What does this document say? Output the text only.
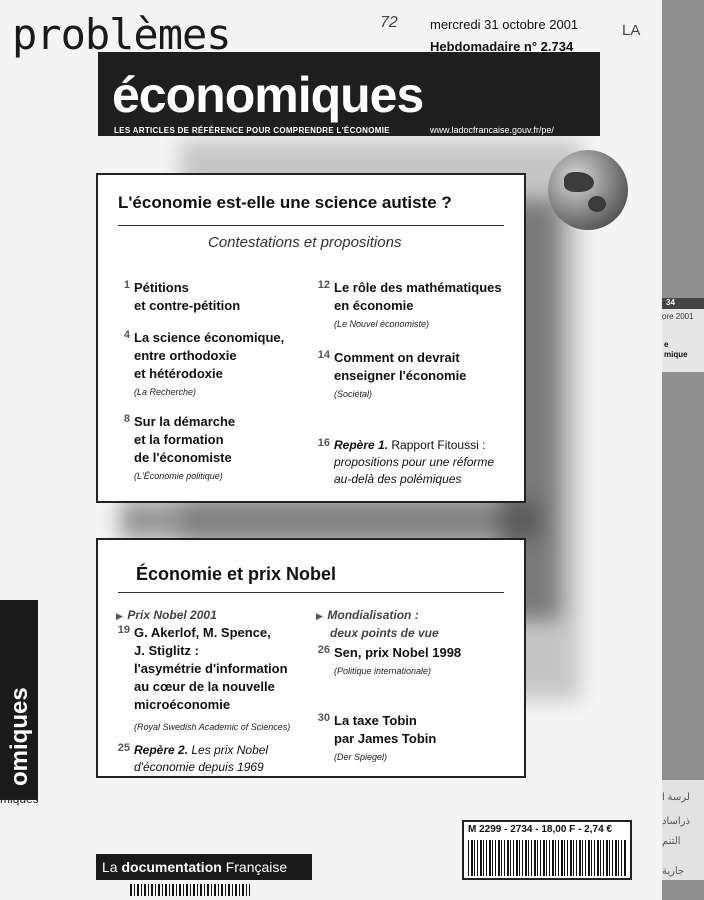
problèmes
économiques
LES ARTICLES DE RÉFÉRENCE POUR COMPRENDRE L'ÉCONOMIE	www.ladocfrancaise.gouv.fr/pe/
72 mercredi 31 octobre 2001
Hebdomadaire n° 2.734
LA
L'économie est-elle une science autiste ?
Contestations et propositions
1 Pétitions
et contre-pétition
4 La science économique,
entre orthodoxie
et hétérodoxie
(La Recherche)
8 Sur la démarche
et la formation
de l'économiste
(L'Économie politique)
12 Le rôle des mathématiques
en économie
(Le Nouvel économiste)
14 Comment on devrait
enseigner l'économie
(Sociétal)
16 Repère 1. Rapport Fitoussi :
propositions pour une réforme
au-delà des polémiques
Économie et prix Nobel
▶ Prix Nobel 2001
19 G. Akerlof, M. Spence,
J. Stiglitz :
l'asymétrie d'information
au cœur de la nouvelle
microéconomie
(Royal Swedish Academic of Sciences)
25 Repère 2. Les prix Nobel
d'économie depuis 1969
▶ Mondialisation :
deux points de vue
26 Sen, prix Nobel 1998
(Politique internationale)
30 La taxe Tobin
par James Tobin
(Der Spiegel)
omiques
miques
34
ore 2001
e
mique
لرسة ا
ذراساد
التنم
جارية
La documentation Française
M 2299 - 2734 - 18,00 F - 2,74 €
